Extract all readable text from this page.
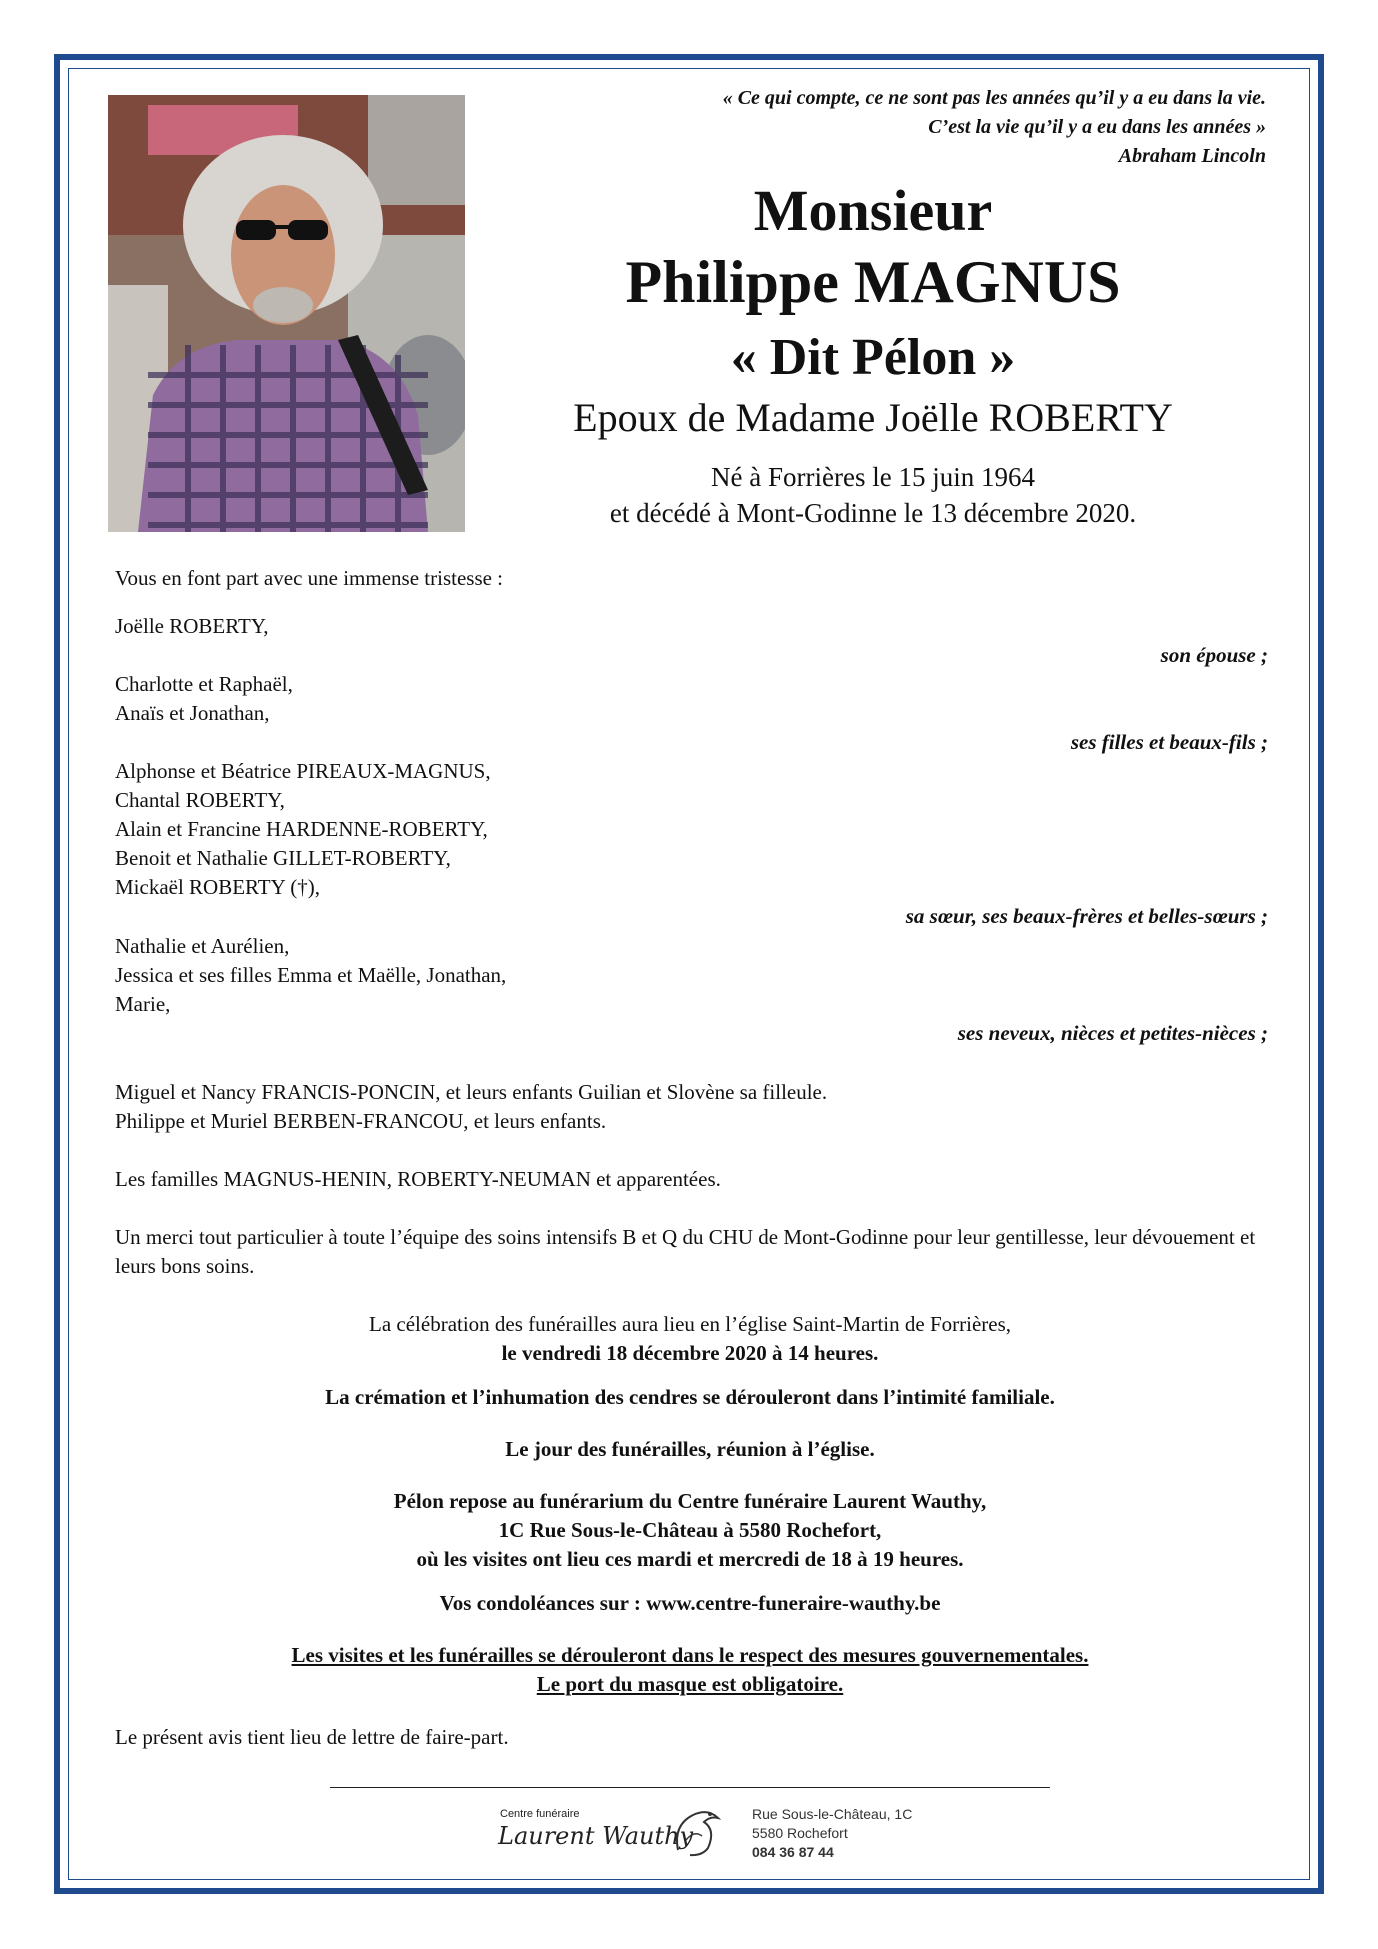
« Ce qui compte, ce ne sont pas les années qu’il y a eu dans la vie.
C’est la vie qu’il y a eu dans les années »
Abraham Lincoln
Monsieur
Philippe MAGNUS
« Dit Pélon »
Epoux de Madame Joëlle ROBERTY
Né à Forrières le 15 juin 1964
et décédé à Mont-Godinne le 13 décembre 2020.
Vous en font part avec une immense tristesse :
Joëlle ROBERTY,
son épouse ;
Charlotte et Raphaël,
Anaïs et Jonathan,
ses filles et beaux-fils ;
Alphonse et Béatrice PIREAUX-MAGNUS,
Chantal ROBERTY,
Alain et Francine HARDENNE-ROBERTY,
Benoit et Nathalie GILLET-ROBERTY,
Mickaël ROBERTY (†),
sa sœur, ses beaux-frères et belles-sœurs ;
Nathalie et Aurélien,
Jessica et ses filles Emma et Maëlle, Jonathan,
Marie,
ses neveux, nièces et petites-nièces ;
Miguel et Nancy FRANCIS-PONCIN, et leurs enfants Guilian et Slovène sa filleule.
Philippe et Muriel BERBEN-FRANCOU, et leurs enfants.
Les familles MAGNUS-HENIN, ROBERTY-NEUMAN et apparentées.
Un merci tout particulier à toute l’équipe des soins intensifs B et Q du CHU de Mont-Godinne pour leur gentillesse, leur dévouement et leurs bons soins.
La célébration des funérailles aura lieu en l’église Saint-Martin de Forrières,
le vendredi 18 décembre 2020 à 14 heures.
La crémation et l’inhumation des cendres se dérouleront dans l’intimité familiale.
Le jour des funérailles, réunion à l’église.
Pélon repose au funérarium du Centre funéraire Laurent Wauthy,
1C Rue Sous-le-Château à 5580 Rochefort,
où les visites ont lieu ces mardi et mercredi de 18 à 19 heures.
Vos condoléances sur : www.centre-funeraire-wauthy.be
Les visites et les funérailles se dérouleront dans le respect des mesures gouvernementales.
Le port du masque est obligatoire.
Le présent avis tient lieu de lettre de faire-part.
Centre funéraire
Laurent Wauthy
Rue Sous-le-Château, 1C
5580 Rochefort
084 36 87 44
